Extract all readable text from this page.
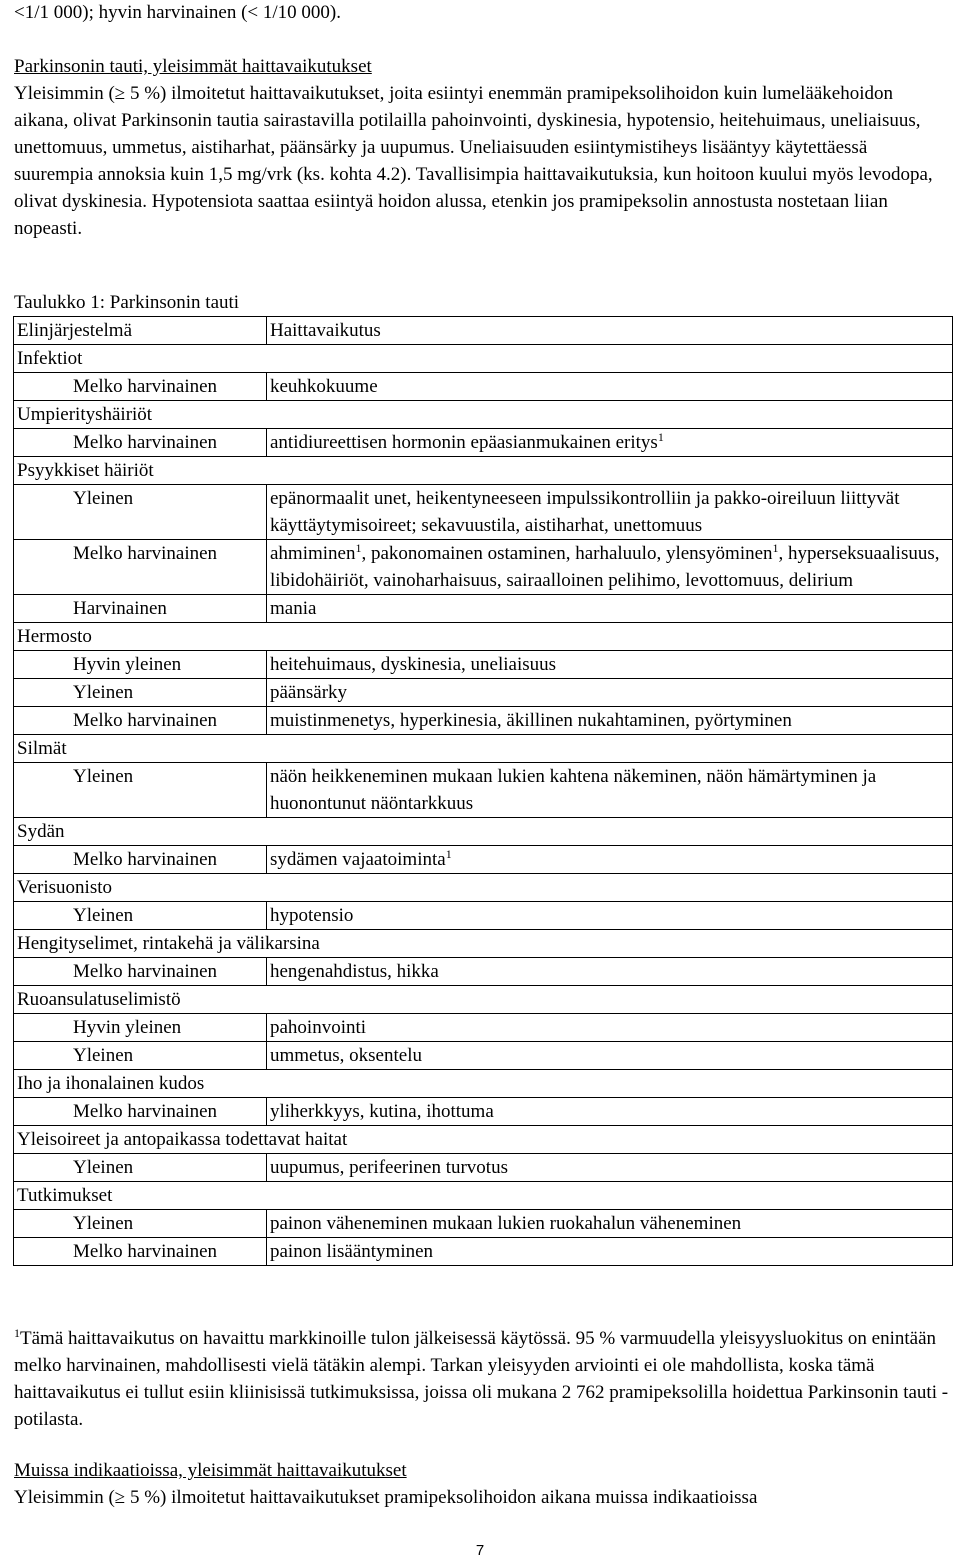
<1/1 000); hyvin harvinainen (< 1/10 000).

Parkinsonin tauti, yleisimmät haittavaikutukset

Yleisimmin (≥ 5 %) ilmoitetut haittavaikutukset, joita esiintyi enemmän pramipeksolihoidon kuin lumelääkehoidon aikana, olivat Parkinsonin tautia sairastavilla potilailla pahoinvointi, dyskinesia, hypotensio, heitehuimaus, uneliaisuus, unettomuus, ummetus, aistiharhat, päänsärky ja uupumus. Uneliaisuuden esiintymistiheys lisääntyy käytettäessä suurempia annoksia kuin 1,5 mg/vrk (ks. kohta 4.2). Tavallisimpia haittavaikutuksia, kun hoitoon kuului myös levodopa, olivat dyskinesia. Hypotensiota saattaa esiintyä hoidon alussa, etenkin jos pramipeksolin annostusta nostetaan liian nopeasti.

Taulukko 1: Parkinsonin tauti

Elinjärjestelmä	Haittavaikutus
Infektiot	
Melko harvinainen	keuhkokuume
Umpierityshäiriöt	
Melko harvinainen	antidiureettisen hormonin epäasianmukainen eritys$^1$
Psyykkiset häiriöt	
Yleinen	epänormaalit unet, heikentyneeseen impulssikontrolliin ja pakko-oireiluun liittyvät käyttäytymisoireet; sekavuustila, aistiharhat, unettomuus
Melko harvinainen	ahmiminen$^1$, pakonomainen ostaminen, harhaluulo, ylensyöminen$^1$, hyperseksuaalisuus, libidohäiriöt, vainoharhaisuus, sairaalloinen pelihimo, levottomuus, delirium
Harvinainen	mania
Hermosto	
Hyvin yleinen	heitehuimaus, dyskinesia, uneliaisuus
Yleinen	päänsärky
Melko harvinainen	muistinmenetys, hyperkinesia, äkillinen nukahtaminen, pyörtyminen
Silmät	
Yleinen	näön heikkeneminen mukaan lukien kahtena näkeminen, näön hämärtyminen ja huonontunut näöntarkkuus
Sydän	
Melko harvinainen	sydämen vajaatoiminta$^1$
Verisuonisto	
Yleinen	hypotensio
Hengityselimet, rintakehä ja välikarsina	
Melko harvinainen	hengenahdistus, hikka
Ruoansulatuselimistö	
Hyvin yleinen	pahoinvointi
Yleinen	ummetus, oksentelu
Iho ja ihonalainen kudos	
Melko harvinainen	yliherkkyys, kutina, ihottuma
Yleisoireet ja antopaikassa todettavat haitat	
Yleinen	uupumus, perifeerinen turvotus
Tutkimukset	
Yleinen	painon väheneminen mukaan lukien ruokahalun väheneminen
Melko harvinainen	painon lisääntyminen
$^1$Tämä haittavaikutus on havaittu markkinoille tulon jälkeisessä käytössä. 95 % varmuudella yleisyysluokitus on enintään melko harvinainen, mahdollisesti vielä tätäkin alempi. Tarkan yleisyyden arviointi ei ole mahdollista, koska tämä haittavaikutus ei tullut esiin kliinisissä tutkimuksissa, joissa oli mukana 2 762 pramipeksolilla hoidettua Parkinsonin tauti -potilasta.

Muissa indikaatioissa, yleisimmät haittavaikutukset

Yleisimmin (≥ 5 %) ilmoitetut haittavaikutukset pramipeksolihoidon aikana muissa indikaatioissa

7
